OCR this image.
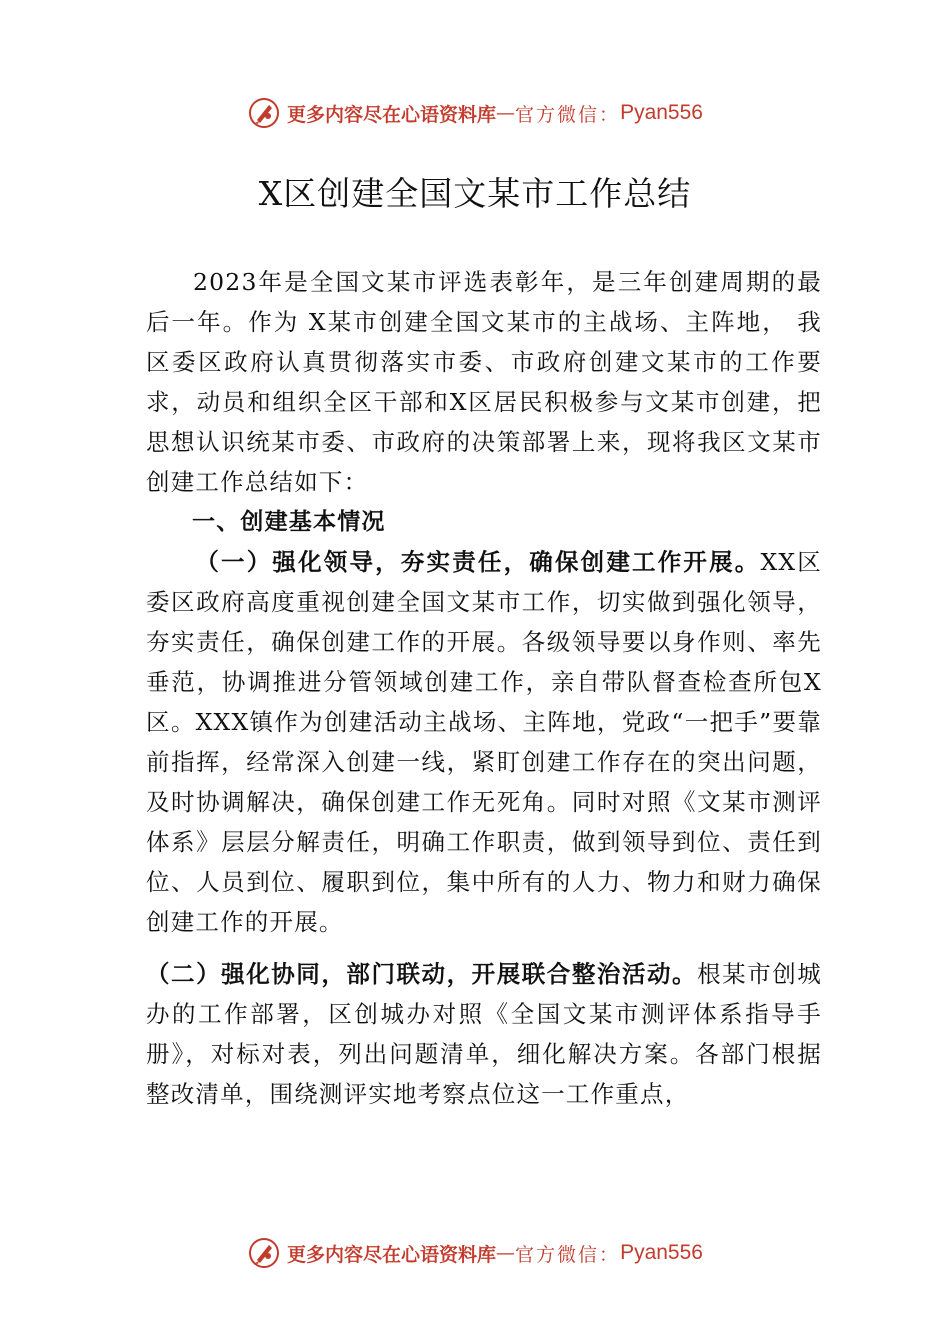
更多内容尽在心语资料库 — 官方微信： Pyan556
X区创建全国文某市工作总结

2023年是全国文某市评选表彰年，是三年创建周期的最后一年。作为 X某市创建全国文某市的主战场、主阵地， 我区委区政府认真贯彻落实市委、市政府创建文某市的工作要求，动员和组织全区干部和X区居民积极参与文某市创建，把思想认识统某市委、市政府的决策部署上来，现将我区文某市创建工作总结如下：

一、创建基本情况

（一）强化领导，夯实责任，确保创建工作开展。XX区委区政府高度重视创建全国文某市工作，切实做到强化领导，夯实责任，确保创建工作的开展。各级领导要以身作则、率先垂范，协调推进分管领域创建工作，亲自带队督查检查所包X区。XXX镇作为创建活动主战场、主阵地，党政“一把手”要靠前指挥，经常深入创建一线，紧盯创建工作存在的突出问题，及时协调解决，确保创建工作无死角。同时对照《文某市测评体系》层层分解责任，明确工作职责，做到领导到位、责任到位、人员到位、履职到位，集中所有的人力、物力和财力确保创建工作的开展。

（二）强化协同，部门联动，开展联合整治活动。根某市创城办的工作部署，区创城办对照《全国文某市测评体系指导手册》，对标对表，列出问题清单，细化解决方案。各部门根据整改清单，围绕测评实地考察点位这一工作重点，

更多内容尽在心语资料库 — 官方微信： Pyan556
